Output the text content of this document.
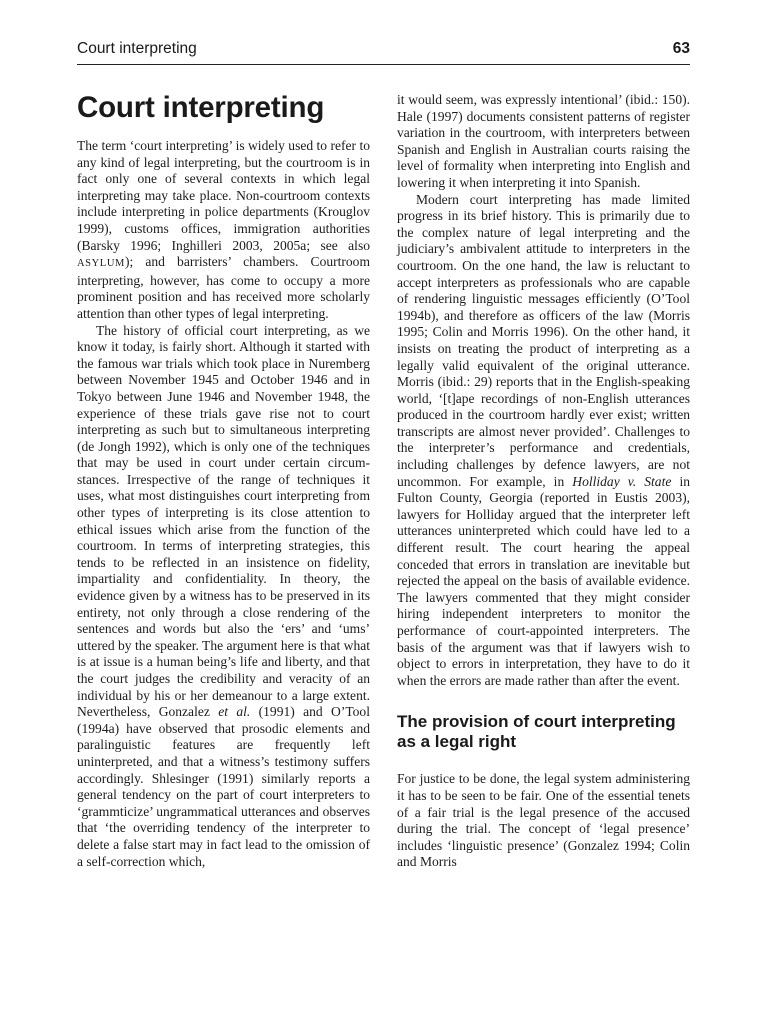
Court interpreting	63
Court interpreting

The term ‘court interpreting’ is widely used to refer to any kind of legal interpreting, but the courtroom is in fact only one of several contexts in which legal interpreting may take place. Non-courtroom contexts include interpreting in police departments (Krouglov 1999), customs offices, immigration authorities (Barsky 1996; Inghilleri 2003, 2005a; see also ASYLUM); and barristers’ chambers. Courtroom interpreting, however, has come to occupy a more prominent position and has received more scholarly attention than other types of legal interpreting.

The history of official court interpreting, as we know it today, is fairly short. Although it started with the famous war trials which took place in Nuremberg between November 1945 and October 1946 and in Tokyo between June 1946 and November 1948, the experience of these trials gave rise not to court interpreting as such but to simultaneous interpreting (de Jongh 1992), which is only one of the techniques that may be used in court under certain circumstances. Irrespective of the range of techniques it uses, what most distinguishes court interpreting from other types of interpreting is its close attention to ethical issues which arise from the function of the courtroom. In terms of interpreting strategies, this tends to be reflected in an insistence on fidelity, impartiality and confidentiality. In theory, the evidence given by a witness has to be preserved in its entirety, not only through a close rendering of the sentences and words but also the ‘ers’ and ‘ums’ uttered by the speaker. The argument here is that what is at issue is a human being’s life and liberty, and that the court judges the credibility and veracity of an individual by his or her demeanour to a large extent. Nevertheless, Gonzalez et al. (1991) and O’Tool (1994a) have observed that prosodic elements and paralinguistic features are frequently left uninterpreted, and that a witness’s testimony suffers accordingly. Shlesinger (1991) similarly reports a general tendency on the part of court interpreters to ‘grammticize’ ungrammatical utterances and observes that ‘the overriding tendency of the interpreter to delete a false start may in fact lead to the omission of a self-correction which,

it would seem, was expressly intentional’ (ibid.: 150). Hale (1997) documents consistent patterns of register variation in the courtroom, with interpreters between Spanish and English in Australian courts raising the level of formality when interpreting into English and lowering it when interpreting it into Spanish.

Modern court interpreting has made limited progress in its brief history. This is primarily due to the complex nature of legal interpreting and the judiciary’s ambivalent attitude to interpreters in the courtroom. On the one hand, the law is reluctant to accept interpreters as professionals who are capable of rendering linguistic messages efficiently (O’Tool 1994b), and therefore as officers of the law (Morris 1995; Colin and Morris 1996). On the other hand, it insists on treating the product of interpreting as a legally valid equivalent of the original utterance. Morris (ibid.: 29) reports that in the English-speaking world, ‘[t]ape recordings of non-English utterances produced in the courtroom hardly ever exist; written transcripts are almost never provided’. Challenges to the interpreter’s performance and credentials, including challenges by defence lawyers, are not uncommon. For example, in Holliday v. State in Fulton County, Georgia (reported in Eustis 2003), lawyers for Holliday argued that the interpreter left utterances uninterpreted which could have led to a different result. The court hearing the appeal conceded that errors in translation are inevitable but rejected the appeal on the basis of available evidence. The lawyers commented that they might consider hiring independent interpreters to monitor the performance of court-appointed interpreters. The basis of the argument was that if lawyers wish to object to errors in interpretation, they have to do it when the errors are made rather than after the event.

The provision of court interpreting as a legal right

For justice to be done, the legal system administering it has to be seen to be fair. One of the essential tenets of a fair trial is the legal presence of the accused during the trial. The concept of ‘legal presence’ includes ‘linguistic presence’ (Gonzalez 1994; Colin and Morris
